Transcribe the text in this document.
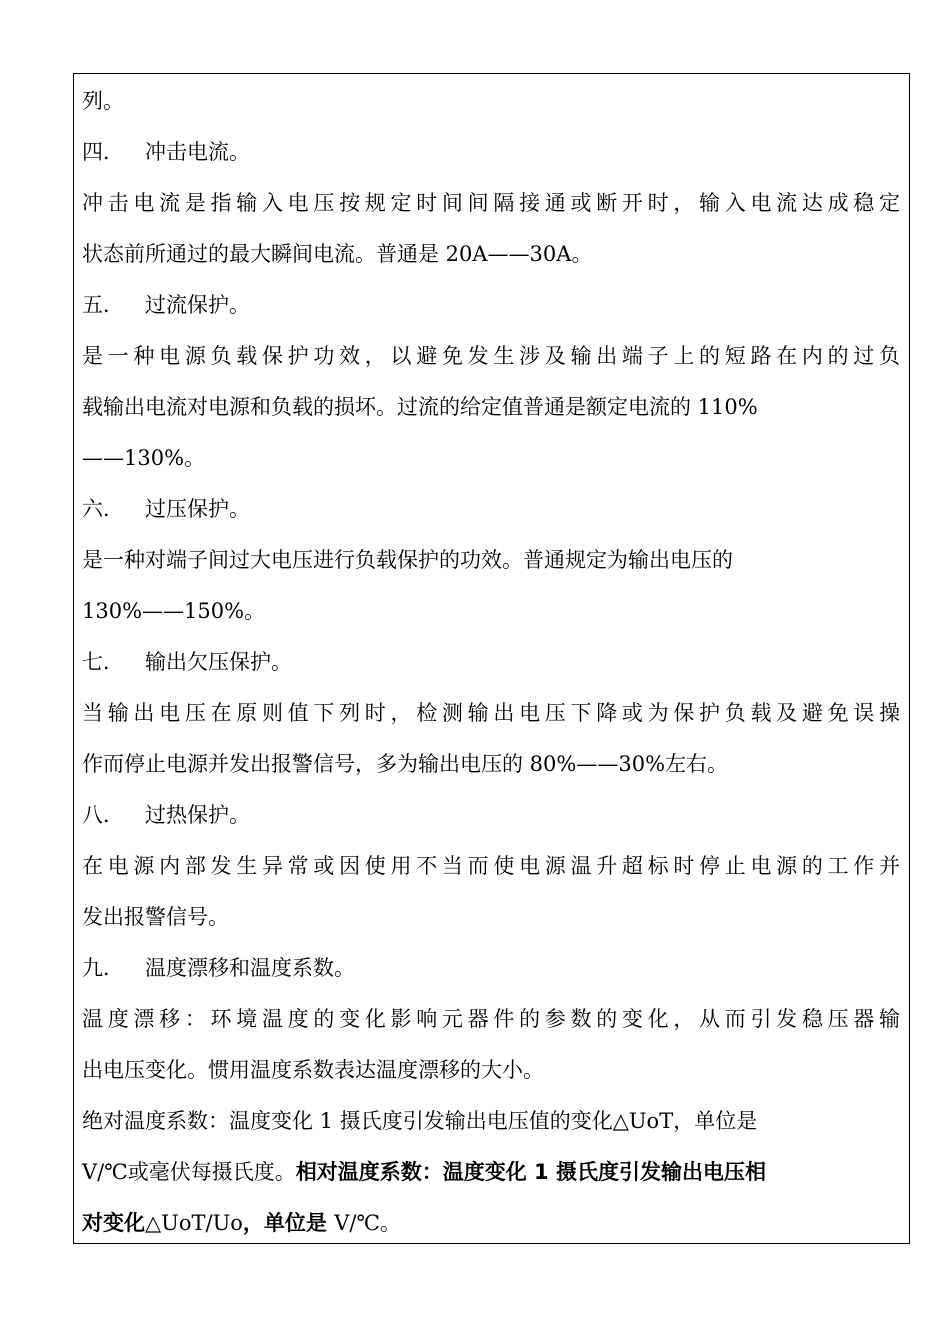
列。
四． 冲击电流。
冲击电流是指输入电压按规定时间间隔接通或断开时，输入电流达成稳定
状态前所通过的最大瞬间电流。普通是 20A——30A。
五． 过流保护。
是一种电源负载保护功效，以避免发生涉及输出端子上的短路在内的过负
载输出电流对电源和负载的损坏。过流的给定值普通是额定电流的 110%
——130%。
六． 过压保护。
是一种对端子间过大电压进行负载保护的功效。普通规定为输出电压的
130%——150%。
七． 输出欠压保护。
当输出电压在原则值下列时，检测输出电压下降或为保护负载及避免误操
作而停止电源并发出报警信号，多为输出电压的 80%——30%左右。
八． 过热保护。
在电源内部发生异常或因使用不当而使电源温升超标时停止电源的工作并
发出报警信号。
九． 温度漂移和温度系数。
温度漂移：环境温度的变化影响元器件的参数的变化，从而引发稳压器输
出电压变化。惯用温度系数表达温度漂移的大小。
绝对温度系数：温度变化 1 摄氏度引发输出电压值的变化△UoT，单位是
V/℃或毫伏每摄氏度。相对温度系数：温度变化 1 摄氏度引发输出电压相
对变化△UoT/Uo，单位是 V/℃。
